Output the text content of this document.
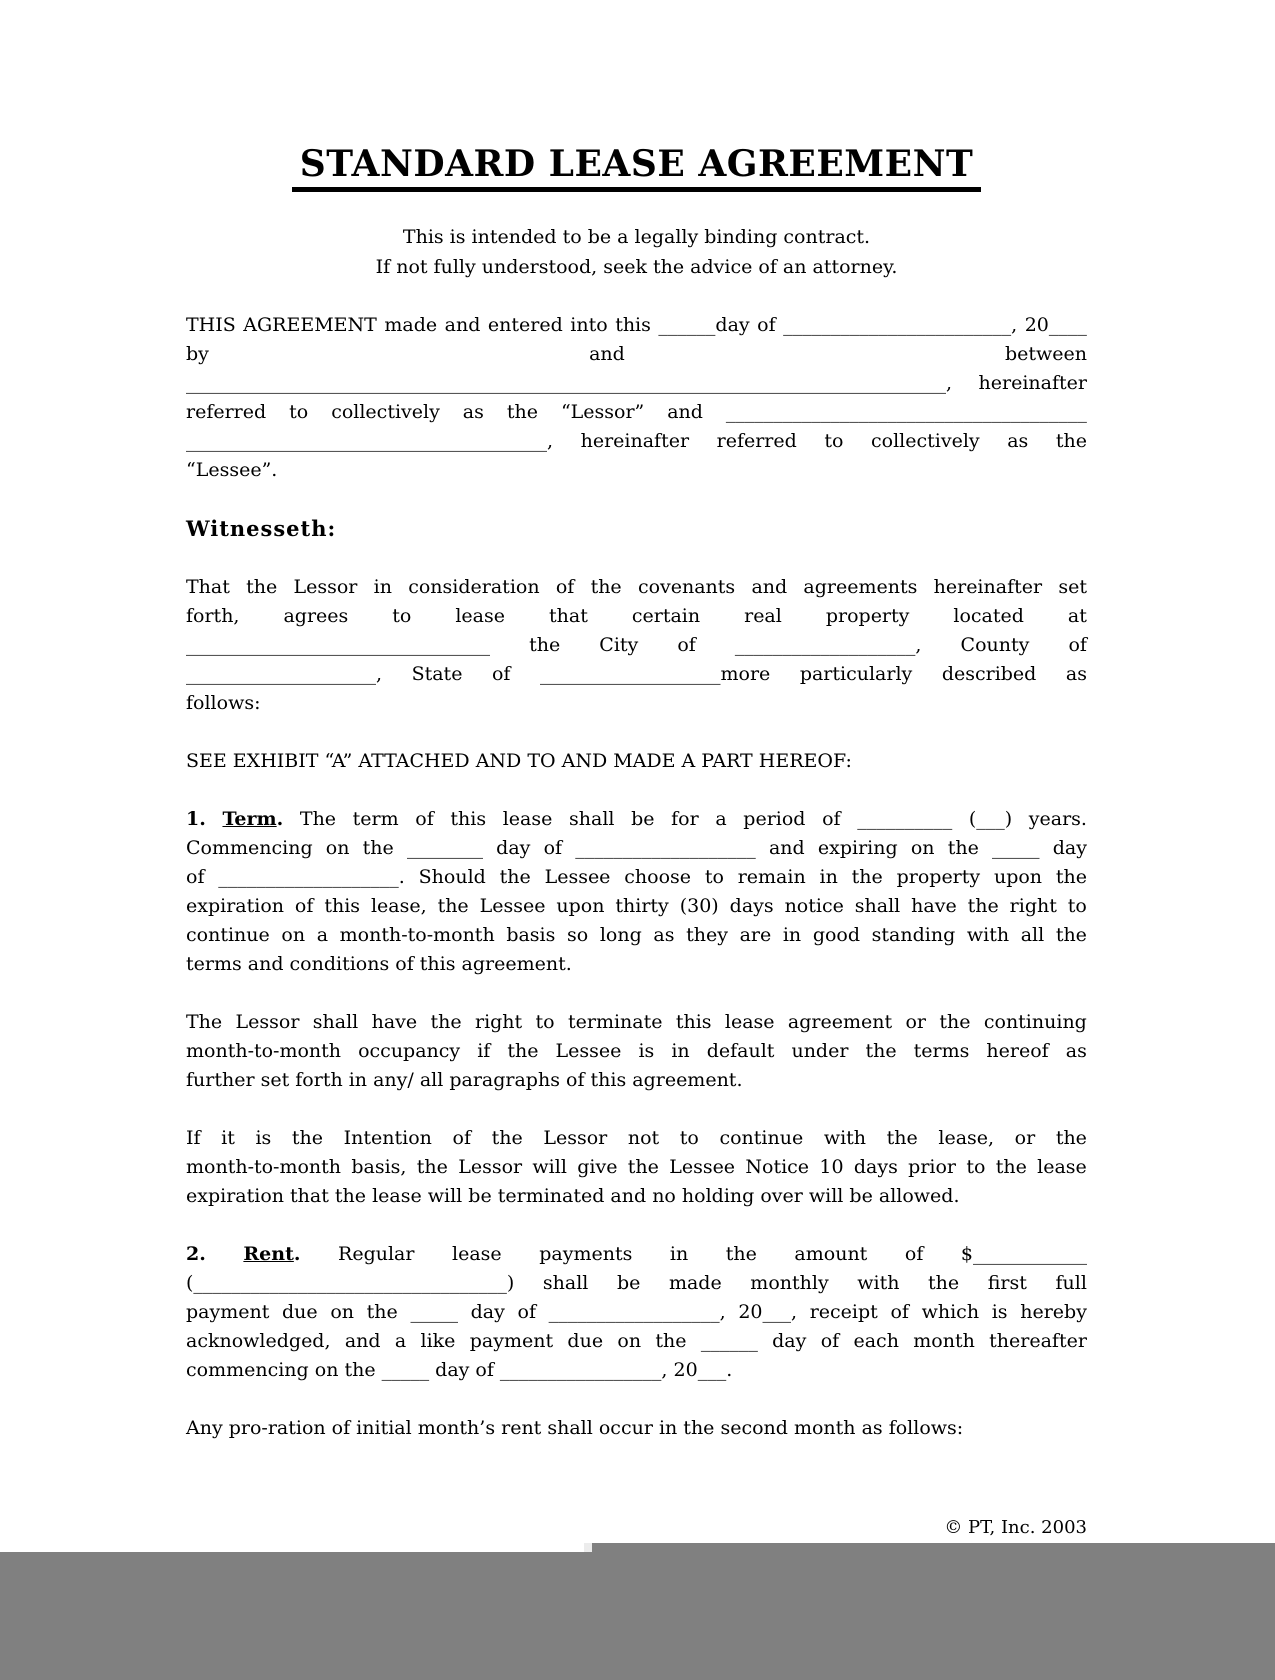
STANDARD LEASE AGREEMENT
This is intended to be a legally binding contract.
If not fully understood, seek the advice of an attorney.
THIS AGREEMENT made and entered into this ______day of ________________________, 20____
by	and	between
________________________________________________________________________________, hereinafter
referred to collectively as the “Lessor” and ______________________________________
______________________________________, hereinafter referred to collectively as the
“Lessee”.
Witnesseth:
That the Lessor in consideration of the covenants and agreements hereinafter set
forth, agrees to lease that certain real property located at
________________________________ the City of ___________________, County of
____________________, State of ___________________more particularly described as
follows:
SEE EXHIBIT “A” ATTACHED AND TO AND MADE A PART HEREOF:
1. Term. The term of this lease shall be for a period of __________ (___) years.
Commencing on the ________ day of ___________________ and expiring on the _____ day
of ___________________. Should the Lessee choose to remain in the property upon the
expiration of this lease, the Lessee upon thirty (30) days notice shall have the right to
continue on a month-to-month basis so long as they are in good standing with all the
terms and conditions of this agreement.
The Lessor shall have the right to terminate this lease agreement or the continuing
month-to-month occupancy if the Lessee is in default under the terms hereof as
further set forth in any/ all paragraphs of this agreement.
If it is the Intention of the Lessor not to continue with the lease, or the
month-to-month basis, the Lessor will give the Lessee Notice 10 days prior to the lease
expiration that the lease will be terminated and no holding over will be allowed.
2. Rent. Regular lease payments in the amount of $____________
(_________________________________) shall be made monthly with the first full
payment due on the _____ day of __________________, 20___, receipt of which is hereby
acknowledged, and a like payment due on the ______ day of each month thereafter
commencing on the _____ day of _________________, 20___.
Any pro-ration of initial month’s rent shall occur in the second month as follows:
© PT, Inc. 2003
